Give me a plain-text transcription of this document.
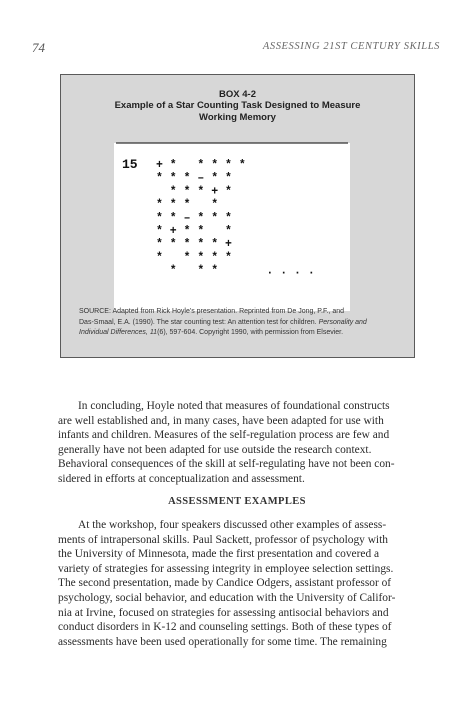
74	ASSESSING 21ST CENTURY SKILLS
BOX 4-2
Example of a Star Counting Task Designed to Measure Working Memory
15 + *   * * * *
* * * – * *
* * * + *
* * *   *
* * – * * *
* + * *   *
* * * * * +
*   * * * *
*   * *       . . . .
SOURCE: Adapted from Rick Hoyle's presentation. Reprinted from De Jong, P.F., and
Das-Smaal, E.A. (1990). The star counting test: An attention test for children. Personality and
Individual Differences, 11(6), 597-604. Copyright 1990, with permission from Elsevier.
In concluding, Hoyle noted that measures of foundational constructs
are well established and, in many cases, have been adapted for use with
infants and children. Measures of the self-regulation process are few and
generally have not been adapted for use outside the research context.
Behavioral consequences of the skill at self-regulating have not been con-
sidered in efforts at conceptualization and assessment.
ASSESSMENT EXAMPLES
At the workshop, four speakers discussed other examples of assess-
ments of intrapersonal skills. Paul Sackett, professor of psychology with
the University of Minnesota, made the first presentation and covered a
variety of strategies for assessing integrity in employee selection settings.
The second presentation, made by Candice Odgers, assistant professor of
psychology, social behavior, and education with the University of Califor-
nia at Irvine, focused on strategies for assessing antisocial behaviors and
conduct disorders in K-12 and counseling settings. Both of these types of
assessments have been used operationally for some time. The remaining
